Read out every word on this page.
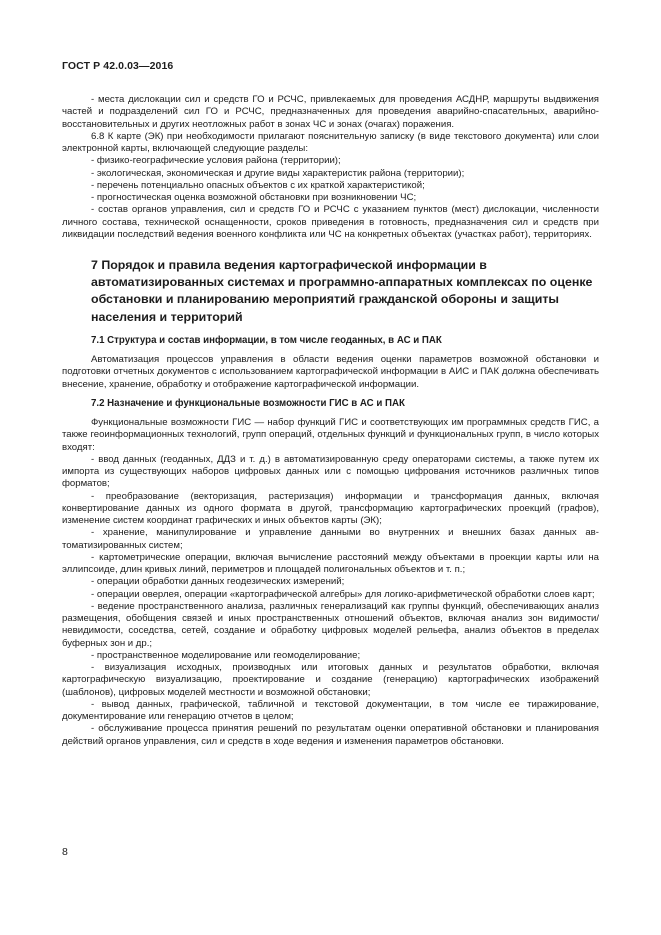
ГОСТ Р 42.0.03—2016

- места дислокации сил и средств ГО и РСЧС, привлекаемых для проведения АСДНР, маршруты выдвижения частей и подразделений сил ГО и РСЧС, предназначенных для проведения аварийно-спасательных, аварийно-восстановительных и других неотложных работ в зонах ЧС и зонах (очагах) поражения.

6.8 К карте (ЭК) при необходимости прилагают пояснительную записку (в виде текстового документа) или слои электронной карты, включающей следующие разделы:

- физико-географические условия района (территории);

- экологическая, экономическая и другие виды характеристик района (территории);

- перечень потенциально опасных объектов с их краткой характеристикой;

- прогностическая оценка возможной обстановки при возникновении ЧС;

- состав органов управления, сил и средств ГО и РСЧС с указанием пунктов (мест) дислокации, численности личного состава, технической оснащенности, сроков приведения в готовность, предназначения сил и средств при ликвидации последствий ведения военного конфликта или ЧС на конкретных объектах (участках работ), территориях.

7 Порядок и правила ведения картографической информации в автоматизированных системах и программно-аппаратных комплексах по оценке обстановки и планированию мероприятий гражданской обороны и защиты населения и территорий
7.1 Структура и состав информации, в том числе геоданных, в АС и ПАК

Автоматизация процессов управления в области ведения оценки параметров возможной обстановки и подготовки отчетных документов с использованием картографической информации в АИС и ПАК должна обеспечивать внесение, хранение, обработку и отображение картографической информации.

7.2 Назначение и функциональные возможности ГИС в АС и ПАК

Функциональные возможности ГИС — набор функций ГИС и соответствующих им программных средств ГИС, а также геоинформационных технологий, групп операций, отдельных функций и функциональных групп, в число которых входят:

- ввод данных (геоданных, ДДЗ и т. д.) в автоматизированную среду операторами системы, а также путем их импорта из существующих наборов цифровых данных или с помощью цифрования источников различных типов форматов;

- преобразование (векторизация, растеризация) информации и трансформация данных, включая конвертирование данных из одного формата в другой, трансформацию картографических проекций (графов), изменение систем координат графических и иных объектов карты (ЭК);

- хранение, манипулирование и управление данными во внутренних и внешних базах данных автоматизированных систем;

- картометрические операции, включая вычисление расстояний между объектами в проекции карты или на эллипсоиде, длин кривых линий, периметров и площадей полигональных объектов и т. п.;

- операции обработки данных геодезических измерений;

- операции оверлея, операции «картографической алгебры» для логико-арифметической обработки слоев карт;

- ведение пространственного анализа, различных генерализаций как группы функций, обеспечивающих анализ размещения, обобщения связей и иных пространственных отношений объектов, включая анализ зон видимости/невидимости, соседства, сетей, создание и обработку цифровых моделей рельефа, анализ объектов в пределах буферных зон и др.;

- пространственное моделирование или геомоделирование;

- визуализация исходных, производных или итоговых данных и результатов обработки, включая картографическую визуализацию, проектирование и создание (генерацию) картографических изображений (шаблонов), цифровых моделей местности и возможной обстановки;

- вывод данных, графической, табличной и текстовой документации, в том числе ее тиражирование, документирование или генерацию отчетов в целом;

- обслуживание процесса принятия решений по результатам оценки оперативной обстановки и планирования действий органов управления, сил и средств в ходе ведения и изменения параметров обстановки.

8
